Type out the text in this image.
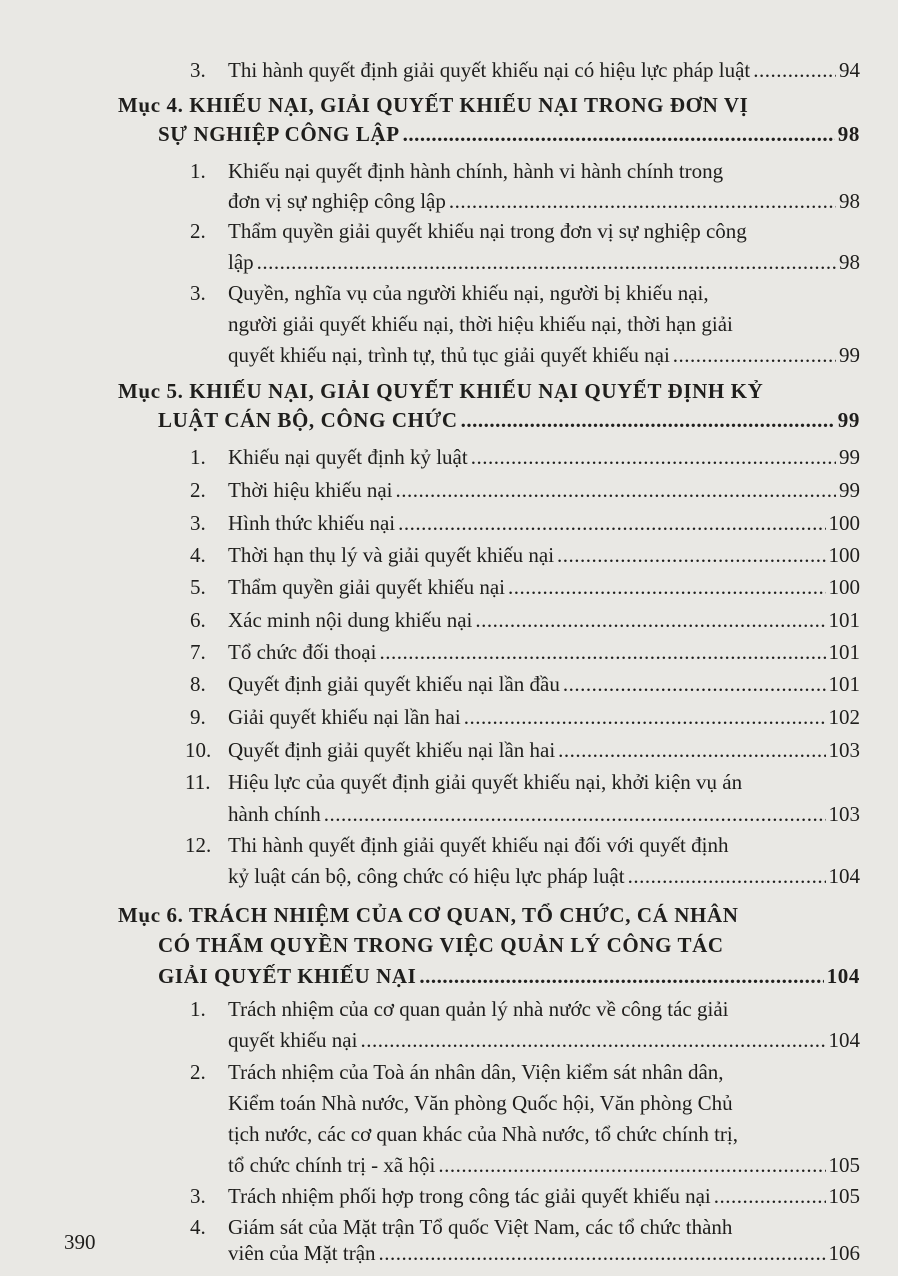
3. Thi hành quyết định giải quyết khiếu nại có hiệu lực pháp luật .....	94
Mục 4. KHIẾU NẠI, GIẢI QUYẾT KHIẾU NẠI TRONG ĐƠN VỊ
SỰ NGHIỆP CÔNG LẬP .....	98
1. Khiếu nại quyết định hành chính, hành vi hành chính trong
đơn vị sự nghiệp công lập .....	98
2. Thẩm quyền giải quyết khiếu nại trong đơn vị sự nghiệp công
lập .....	98
3. Quyền, nghĩa vụ của người khiếu nại, người bị khiếu nại,
người giải quyết khiếu nại, thời hiệu khiếu nại, thời hạn giải
quyết khiếu nại, trình tự, thủ tục giải quyết khiếu nại .....	99
Mục 5. KHIẾU NẠI, GIẢI QUYẾT KHIẾU NẠI QUYẾT ĐỊNH KỶ
LUẬT CÁN BỘ, CÔNG CHỨC .....	99
1. Khiếu nại quyết định kỷ luật .....	99
2. Thời hiệu khiếu nại .....	99
3. Hình thức khiếu nại .....	100
4. Thời hạn thụ lý và giải quyết khiếu nại .....	100
5. Thẩm quyền giải quyết khiếu nại .....	100
6. Xác minh nội dung khiếu nại .....	101
7. Tổ chức đối thoại .....	101
8. Quyết định giải quyết khiếu nại lần đầu .....	101
9. Giải quyết khiếu nại lần hai .....	102
10. Quyết định giải quyết khiếu nại lần hai .....	103
11. Hiệu lực của quyết định giải quyết khiếu nại, khởi kiện vụ án
hành chính .....	103
12. Thi hành quyết định giải quyết khiếu nại đối với quyết định
kỷ luật cán bộ, công chức có hiệu lực pháp luật .....	104
Mục 6. TRÁCH NHIỆM CỦA CƠ QUAN, TỔ CHỨC, CÁ NHÂN
CÓ THẨM QUYỀN TRONG VIỆC QUẢN LÝ CÔNG TÁC
GIẢI QUYẾT KHIẾU NẠI .....	104
1. Trách nhiệm của cơ quan quản lý nhà nước về công tác giải
quyết khiếu nại .....	104
2. Trách nhiệm của Toà án nhân dân, Viện kiểm sát nhân dân,
Kiểm toán Nhà nước, Văn phòng Quốc hội, Văn phòng Chủ
tịch nước, các cơ quan khác của Nhà nước, tổ chức chính trị,
tổ chức chính trị - xã hội .....	105
3. Trách nhiệm phối hợp trong công tác giải quyết khiếu nại .....	105
4. Giám sát của Mặt trận Tổ quốc Việt Nam, các tổ chức thành
viên của Mặt trận .....	106
390
